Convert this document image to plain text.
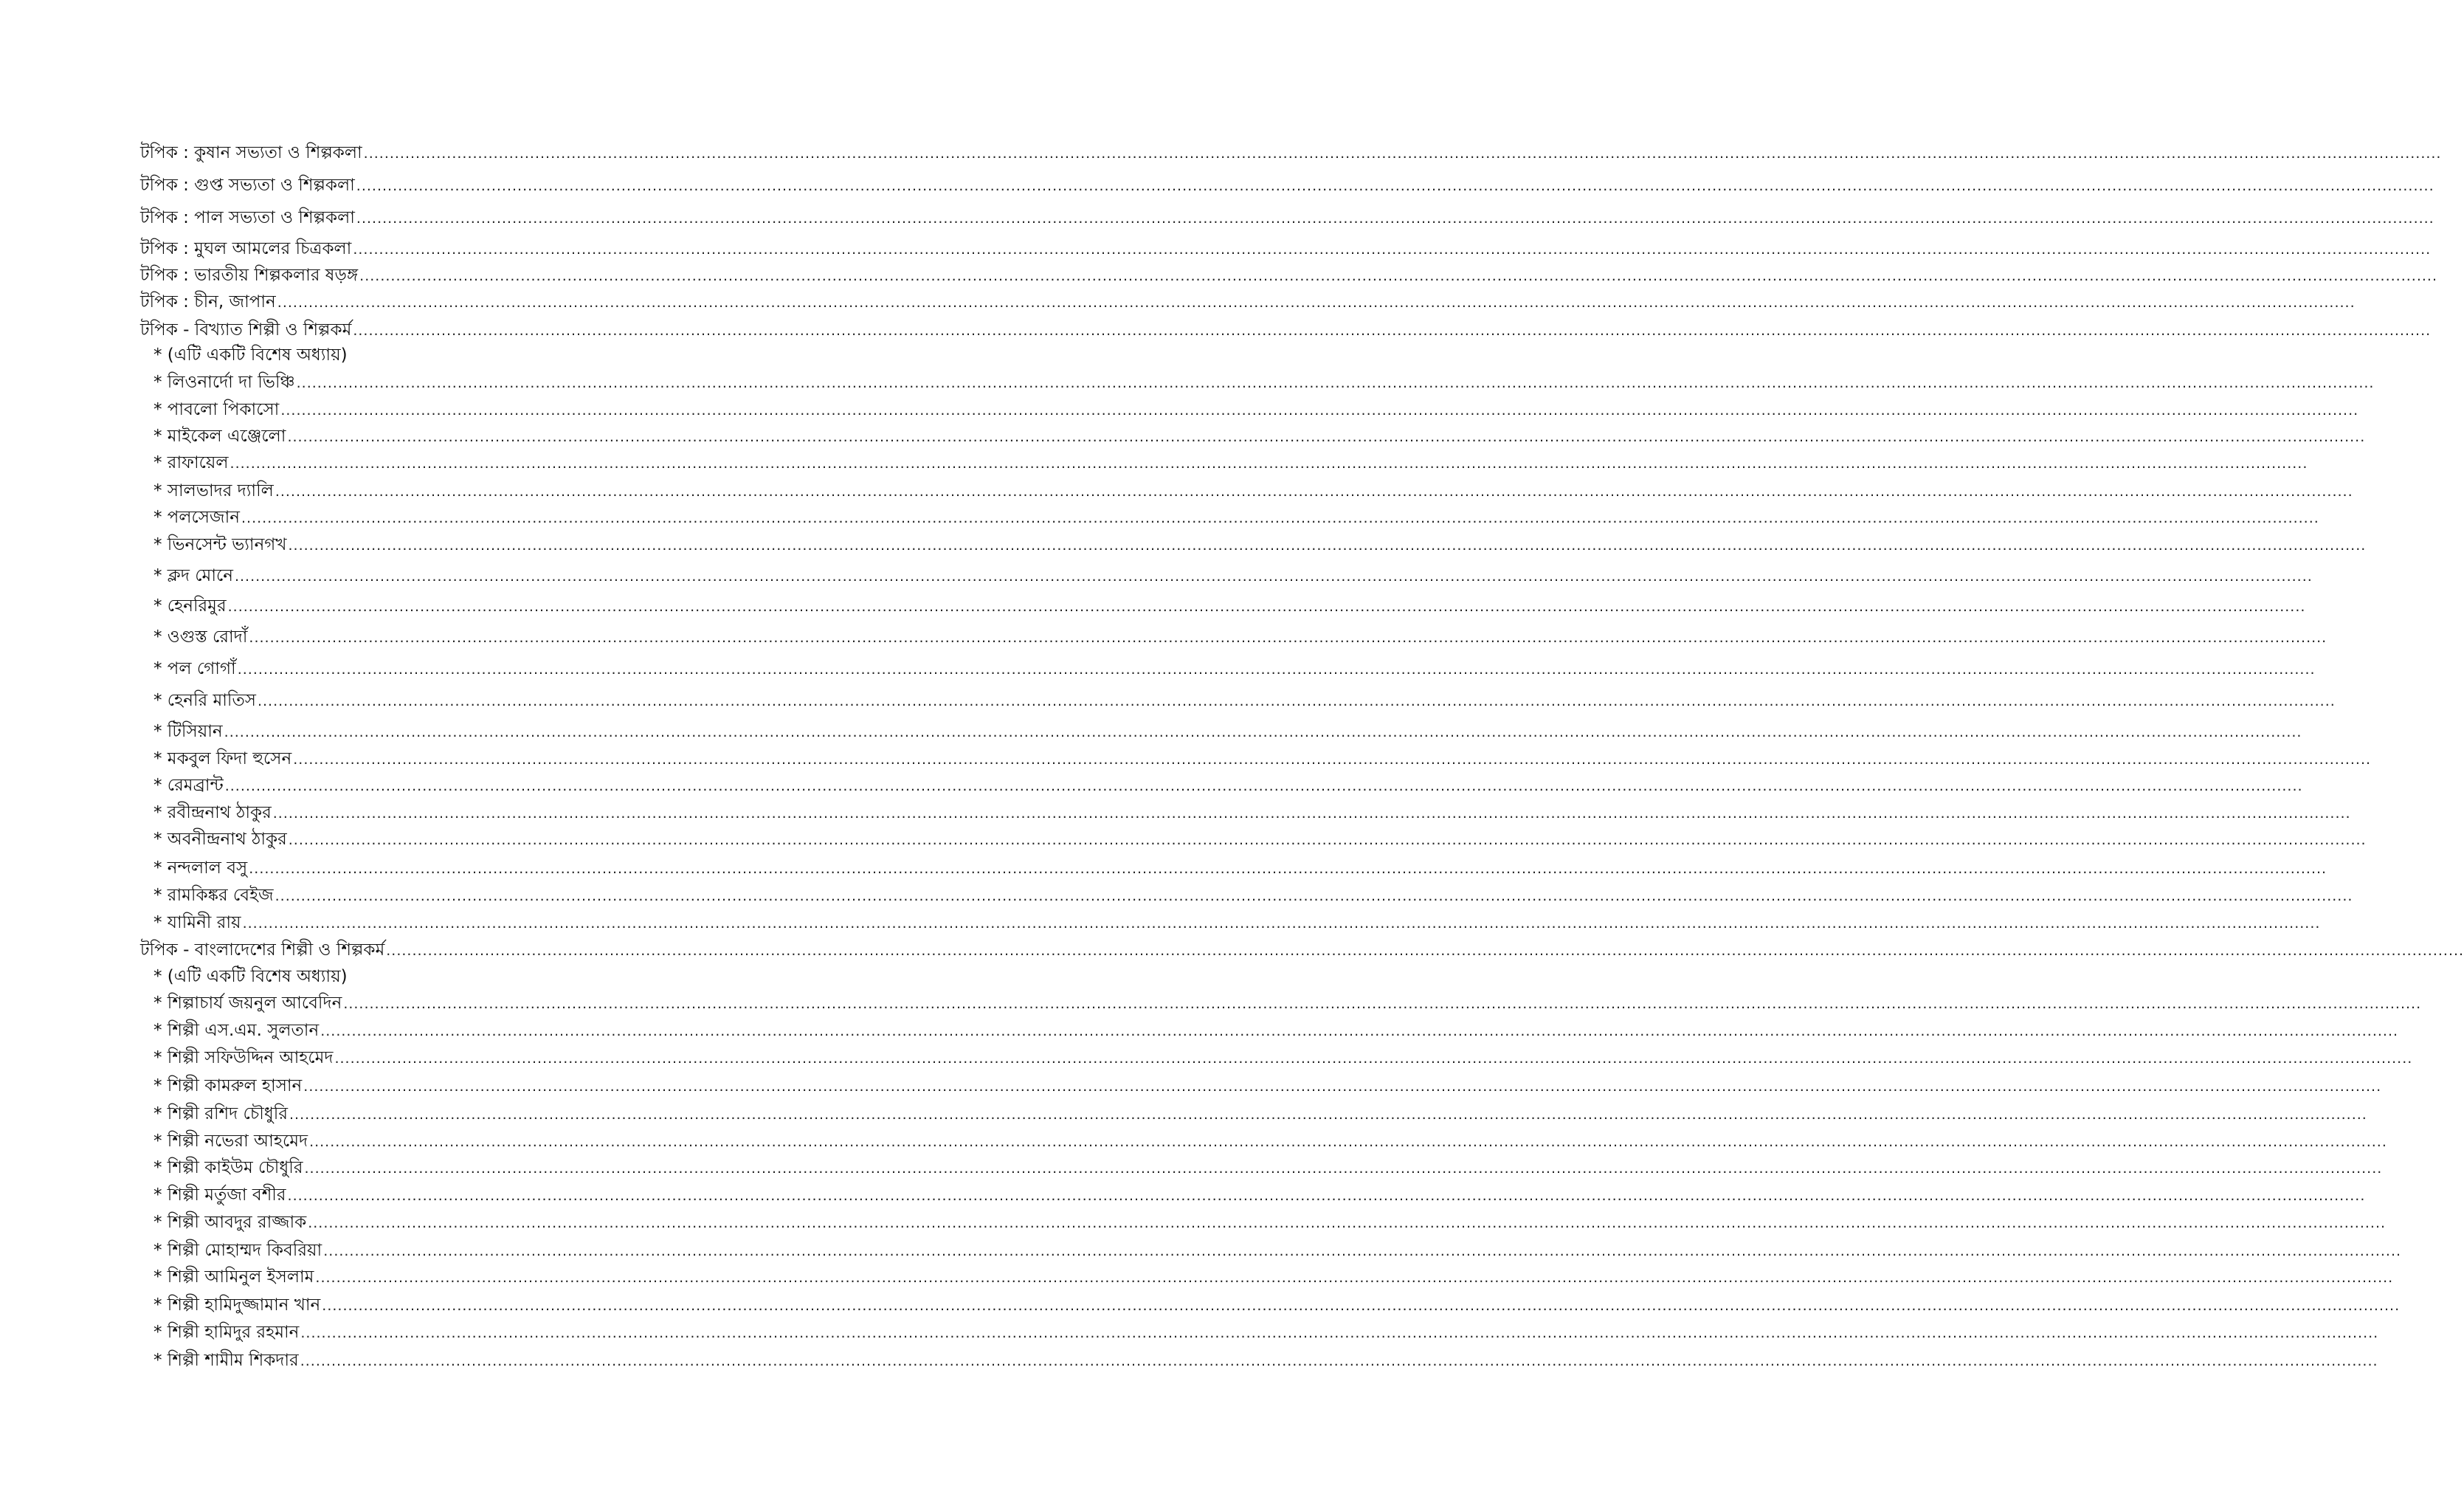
টপিক : কুষান সভ্যতা ও শিল্পকলা ................................................................................................................................................................................................................................................................................................................................................................................................................
টপিক : গুপ্ত সভ্যতা ও শিল্পকলা ................................................................................................................................................................................................................................................................................................................................................................................................................
টপিক : পাল সভ্যতা ও শিল্পকলা ................................................................................................................................................................................................................................................................................................................................................................................................................
টপিক : মুঘল আমলের চিত্রকলা ................................................................................................................................................................................................................................................................................................................................................................................................................
টপিক : ভারতীয় শিল্পকলার ষড়ঙ্গ ................................................................................................................................................................................................................................................................................................................................................................................................................
টপিক : চীন, জাপান ................................................................................................................................................................................................................................................................................................................................................................................................................
টপিক - বিখ্যাত শিল্পী ও শিল্পকর্ম ................................................................................................................................................................................................................................................................................................................................................................................................................
* (এটি একটি বিশেষ অধ্যায়)
* লিওনার্দো দা ভিঞ্চি ................................................................................................................................................................................................................................................................................................................................................................................................................
* পাবলো পিকাসো ................................................................................................................................................................................................................................................................................................................................................................................................................
* মাইকেল এঞ্জেলো ................................................................................................................................................................................................................................................................................................................................................................................................................
* রাফায়েল ................................................................................................................................................................................................................................................................................................................................................................................................................
* সালভাদর দ্যালি ................................................................................................................................................................................................................................................................................................................................................................................................................
* পলসেজান ................................................................................................................................................................................................................................................................................................................................................................................................................
* ভিনসেন্ট ভ্যানগখ ................................................................................................................................................................................................................................................................................................................................................................................................................
* ক্লদ মোনে ................................................................................................................................................................................................................................................................................................................................................................................................................
* হেনরিমুর ................................................................................................................................................................................................................................................................................................................................................................................................................
* ওগুস্ত রোদাঁ ................................................................................................................................................................................................................................................................................................................................................................................................................
* পল গোগাঁ ................................................................................................................................................................................................................................................................................................................................................................................................................
* হেনরি মাতিস ................................................................................................................................................................................................................................................................................................................................................................................................................
* টিসিয়ান ................................................................................................................................................................................................................................................................................................................................................................................................................
* মকবুল ফিদা হুসেন ................................................................................................................................................................................................................................................................................................................................................................................................................
* রেমব্রান্ট ................................................................................................................................................................................................................................................................................................................................................................................................................
* রবীন্দ্রনাথ ঠাকুর ................................................................................................................................................................................................................................................................................................................................................................................................................
* অবনীন্দ্রনাথ ঠাকুর ................................................................................................................................................................................................................................................................................................................................................................................................................
* নন্দলাল বসু ................................................................................................................................................................................................................................................................................................................................................................................................................
* রামকিঙ্কর বেইজ ................................................................................................................................................................................................................................................................................................................................................................................................................
* যামিনী রায় ................................................................................................................................................................................................................................................................................................................................................................................................................
টপিক - বাংলাদেশের শিল্পী ও শিল্পকর্ম ................................................................................................................................................................................................................................................................................................................................................................................................................
* (এটি একটি বিশেষ অধ্যায়)
* শিল্পাচার্য জয়নুল আবেদিন ................................................................................................................................................................................................................................................................................................................................................................................................................
* শিল্পী এস.এম. সুলতান ................................................................................................................................................................................................................................................................................................................................................................................................................
* শিল্পী সফিউদ্দিন আহমেদ ................................................................................................................................................................................................................................................................................................................................................................................................................
* শিল্পী কামরুল হাসান ................................................................................................................................................................................................................................................................................................................................................................................................................
* শিল্পী রশিদ চৌধুরি ................................................................................................................................................................................................................................................................................................................................................................................................................
* শিল্পী নভেরা আহমেদ ................................................................................................................................................................................................................................................................................................................................................................................................................
* শিল্পী কাইউম চৌধুরি ................................................................................................................................................................................................................................................................................................................................................................................................................
* শিল্পী মর্তুজা বশীর ................................................................................................................................................................................................................................................................................................................................................................................................................
* শিল্পী আবদুর রাজ্জাক ................................................................................................................................................................................................................................................................................................................................................................................................................
* শিল্পী মোহাম্মদ কিবরিয়া ................................................................................................................................................................................................................................................................................................................................................................................................................
* শিল্পী আমিনুল ইসলাম ................................................................................................................................................................................................................................................................................................................................................................................................................
* শিল্পী হামিদুজ্জামান খান ................................................................................................................................................................................................................................................................................................................................................................................................................
* শিল্পী হামিদুর রহমান ................................................................................................................................................................................................................................................................................................................................................................................................................
* শিল্পী শামীম শিকদার ................................................................................................................................................................................................................................................................................................................................................................................................................
